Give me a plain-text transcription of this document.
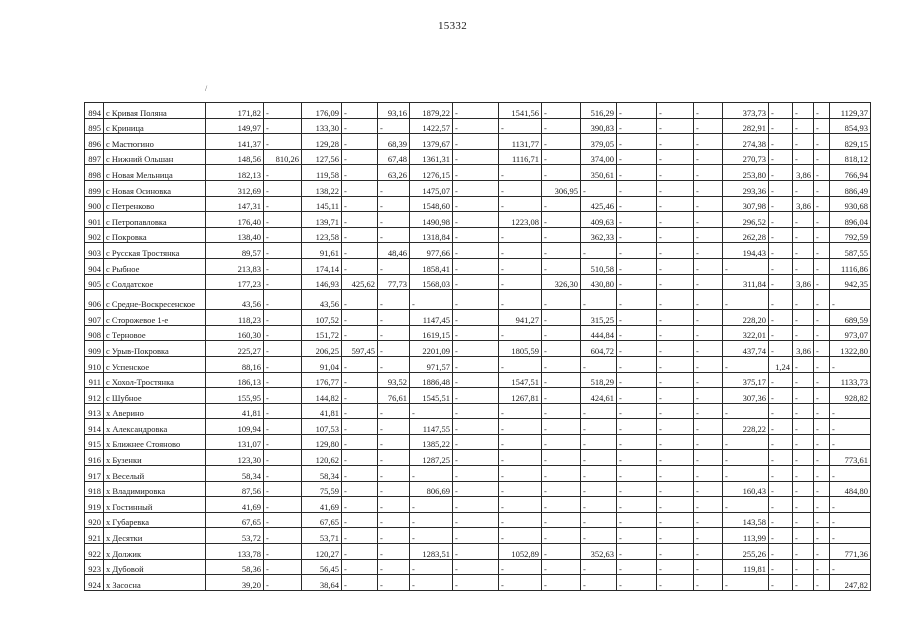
15332
/
894	с Кривая Поляна	171,82	-	176,09	-	93,16	1879,22	-	1541,56	-	516,29	-	-	-	373,73	-	-	-	1129,37
895	с Криница	149,97	-	133,30	-	-	1422,57	-	-	-	390,83	-	-	-	282,91	-	-	-	854,93
896	с Мастюгино	141,37	-	129,28	-	68,39	1379,67	-	1131,77	-	379,05	-	-	-	274,38	-	-	-	829,15
897	с Нижний Ольшан	148,56	810,26	127,56	-	67,48	1361,31	-	1116,71	-	374,00	-	-	-	270,73	-	-	-	818,12
898	с Новая Мельница	182,13	-	119,58	-	63,26	1276,15	-	-	-	350,61	-	-	-	253,80	-	3,86	-	766,94
899	с Новая Осиновка	312,69	-	138,22	-	-	1475,07	-	-	306,95	-	-	-	-	293,36	-	-	-	886,49
900	с Петренково	147,31	-	145,11	-	-	1548,60	-	-	-	425,46	-	-	-	307,98	-	3,86	-	930,68
901	с Петропавловка	176,40	-	139,71	-	-	1490,98	-	1223,08	-	409,63	-	-	-	296,52	-	-	-	896,04
902	с Покровка	138,40	-	123,58	-	-	1318,84	-	-	-	362,33	-	-	-	262,28	-	-	-	792,59
903	с Русская Тростянка	89,57	-	91,61	-	48,46	977,66	-	-	-	-	-	-	-	194,43	-	-	-	587,55
904	с Рыбное	213,83	-	174,14	-	-	1858,41	-	-	-	510,58	-	-	-	-	-	-	-	1116,86
905	с Солдатское	177,23	-	146,93	425,62	77,73	1568,03	-	-	326,30	430,80	-	-	-	311,84	-	3,86	-	942,35
906	с Средне-Воскресенское	43,56	-	43,56	-	-	-	-	-	-	-	-	-	-	-	-	-	-	-
907	с Сторожевое 1-е	118,23	-	107,52	-	-	1147,45	-	941,27	-	315,25	-	-	-	228,20	-	-	-	689,59
908	с Терновое	160,30	-	151,72	-	-	1619,15	-	-	-	444,84	-	-	-	322,01	-	-	-	973,07
909	с Урыв-Покровка	225,27	-	206,25	597,45	-	2201,09	-	1805,59	-	604,72	-	-	-	437,74	-	3,86	-	1322,80
910	с Успенское	88,16	-	91,04	-	-	971,57	-	-	-	-	-	-	-	-	1,24	-	-	-
911	с Хохол-Тростянка	186,13	-	176,77	-	93,52	1886,48	-	1547,51	-	518,29	-	-	-	375,17	-	-	-	1133,73
912	с Шубное	155,95	-	144,82	-	76,61	1545,51	-	1267,81	-	424,61	-	-	-	307,36	-	-	-	928,82
913	х Аверино	41,81	-	41,81	-	-	-	-	-	-	-	-	-	-	-	-	-	-	-
914	х Александровка	109,94	-	107,53	-	-	1147,55	-	-	-	-	-	-	-	228,22	-	-	-	-
915	х Ближнее Стояново	131,07	-	129,80	-	-	1385,22	-	-	-	-	-	-	-	-	-	-	-	-
916	х Бузенки	123,30	-	120,62	-	-	1287,25	-	-	-	-	-	-	-	-	-	-	-	773,61
917	х Веселый	58,34	-	58,34	-	-	-	-	-	-	-	-	-	-	-	-	-	-	-
918	х Владимировка	87,56	-	75,59	-	-	806,69	-	-	-	-	-	-	-	160,43	-	-	-	484,80
919	х Гостинный	41,69	-	41,69	-	-	-	-	-	-	-	-	-	-	-	-	-	-	-
920	х Губаревка	67,65	-	67,65	-	-	-	-	-	-	-	-	-	-	143,58	-	-	-	-
921	х Десятки	53,72	-	53,71	-	-	-	-	-	-	-	-	-	-	113,99	-	-	-	-
922	х Должик	133,78	-	120,27	-	-	1283,51	-	1052,89	-	352,63	-	-	-	255,26	-	-	-	771,36
923	х Дубовой	58,36	-	56,45	-	-	-	-	-	-	-	-	-	-	119,81	-	-	-	-
924	х Засосна	39,20	-	38,64	-	-	-	-	-	-	-	-	-	-	-	-	-	-	247,82
